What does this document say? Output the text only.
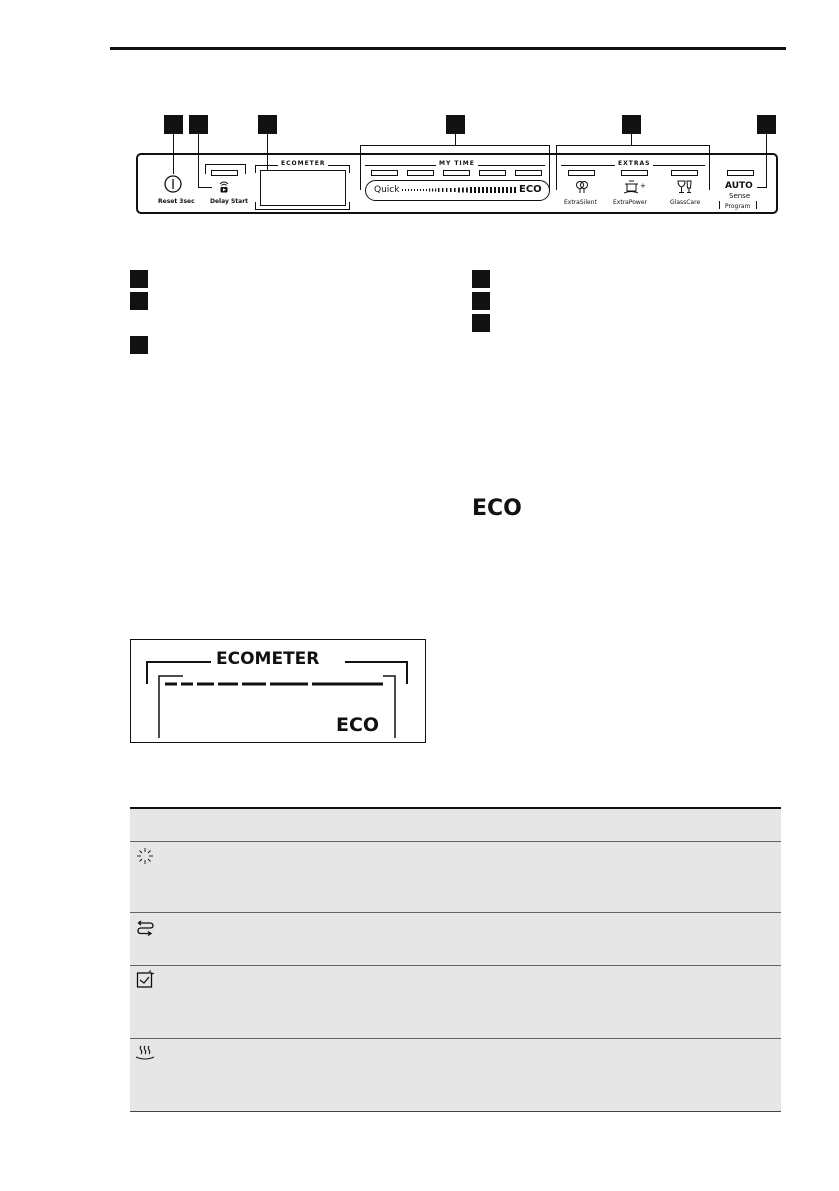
Reset 3sec	Delay Start
ECOMETER	MY TIME
Quick	ECO
EXTRAS
ExtraSilent
+
ExtraPower	GlassCare
AUTO
Sense
Program
ECO
ECOMETER
ECO
